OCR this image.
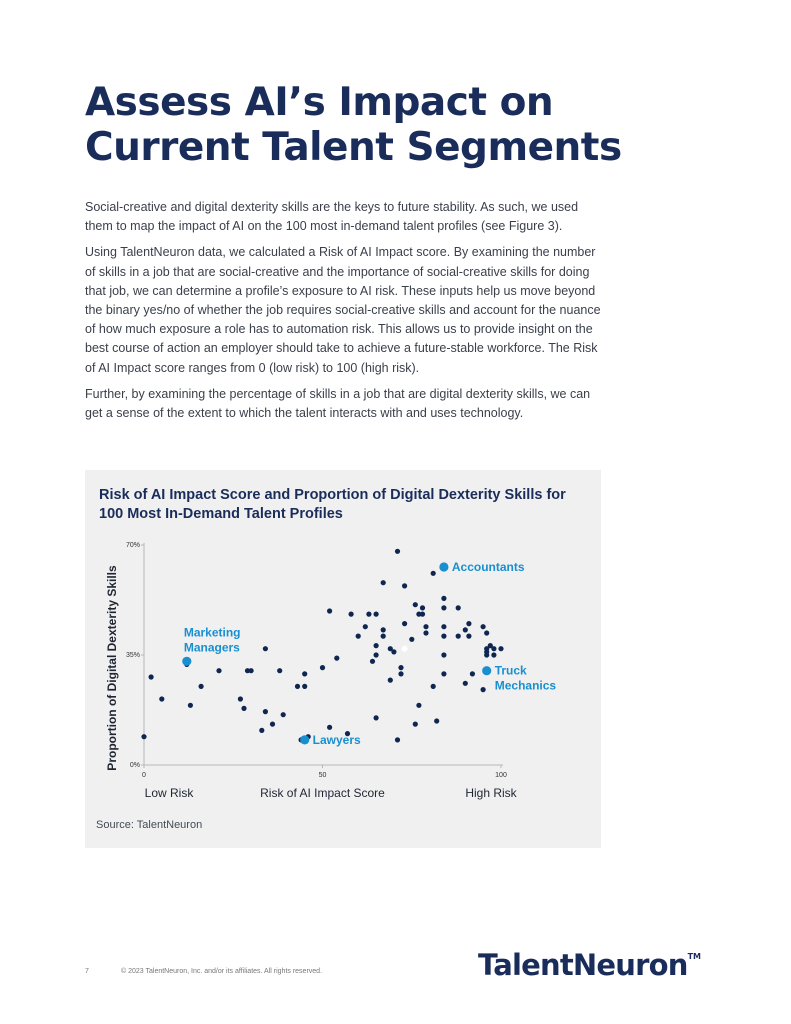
Assess AI’s Impact on
Current Talent Segments

Social-creative and digital dexterity skills are the keys to future stability. As such, we used them to map the impact of AI on the 100 most in-demand talent profiles (see Figure 3).

Using TalentNeuron data, we calculated a Risk of AI Impact score. By examining the number of skills in a job that are social-creative and the importance of social-creative skills for doing that job, we can determine a profile’s exposure to AI risk. These inputs help us move beyond the binary yes/no of whether the job requires social-creative skills and account for the nuance of how much exposure a role has to automation risk. This allows us to provide insight on the best course of action an employer should take to achieve a future-stable workforce. The Risk of AI Impact score ranges from 0 (low risk) to 100 (high risk).

Further, by examining the percentage of skills in a job that are digital dexterity skills, we can get a sense of the extent to which the talent interacts with and uses technology.

Risk of AI Impact Score and Proportion of Digital Dexterity Skills for 100 Most In-Demand Talent Profiles
0%
35%
70%
0	50	100
Risk of AI Impact Score
Low Risk	High Risk
Proportion of Digital Dexterity Skills	Accountants
Marketing Managers
Truck Mechanics
Lawyers
Source: TalentNeuron
7	© 2023 TalentNeuron, Inc. and/or its affiliates. All rights reserved.	TalentNeuron™
